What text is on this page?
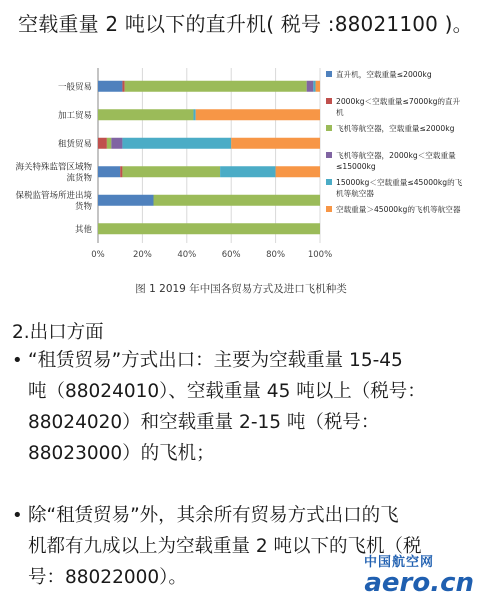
空载重量 2 吨以下的直升机( 税号 :88021100 )。
0%	20%	40%	60%	80%	100%
一般贸易
加工贸易
租赁贸易
海关特殊监管区域物
流货物
保税监管场所进出境
货物
其他
直升机，空载重量≤2000kg
2000kg＜空载重量≤7000kg的直升
机
飞机等航空器，空载重量≤2000kg
飞机等航空器，2000kg＜空载重量
≤15000kg
15000kg＜空载重量≤45000kg的飞
机等航空器
空载重量＞45000kg的飞机等航空器
图 1 2019 年中国各贸易方式及进口飞机种类
2.出口方面
• “租赁贸易”方式出口：主要为空载重量 15-45
吨（88024010）、空载重量 45 吨以上（税号：
88024020）和空载重量 2-15 吨（税号：
88023000）的飞机；
• 除“租赁贸易”外，其余所有贸易方式出口的飞
机都有九成以上为空载重量 2 吨以下的飞机（税
号：88022000）。
中国航空网
aero.cn
